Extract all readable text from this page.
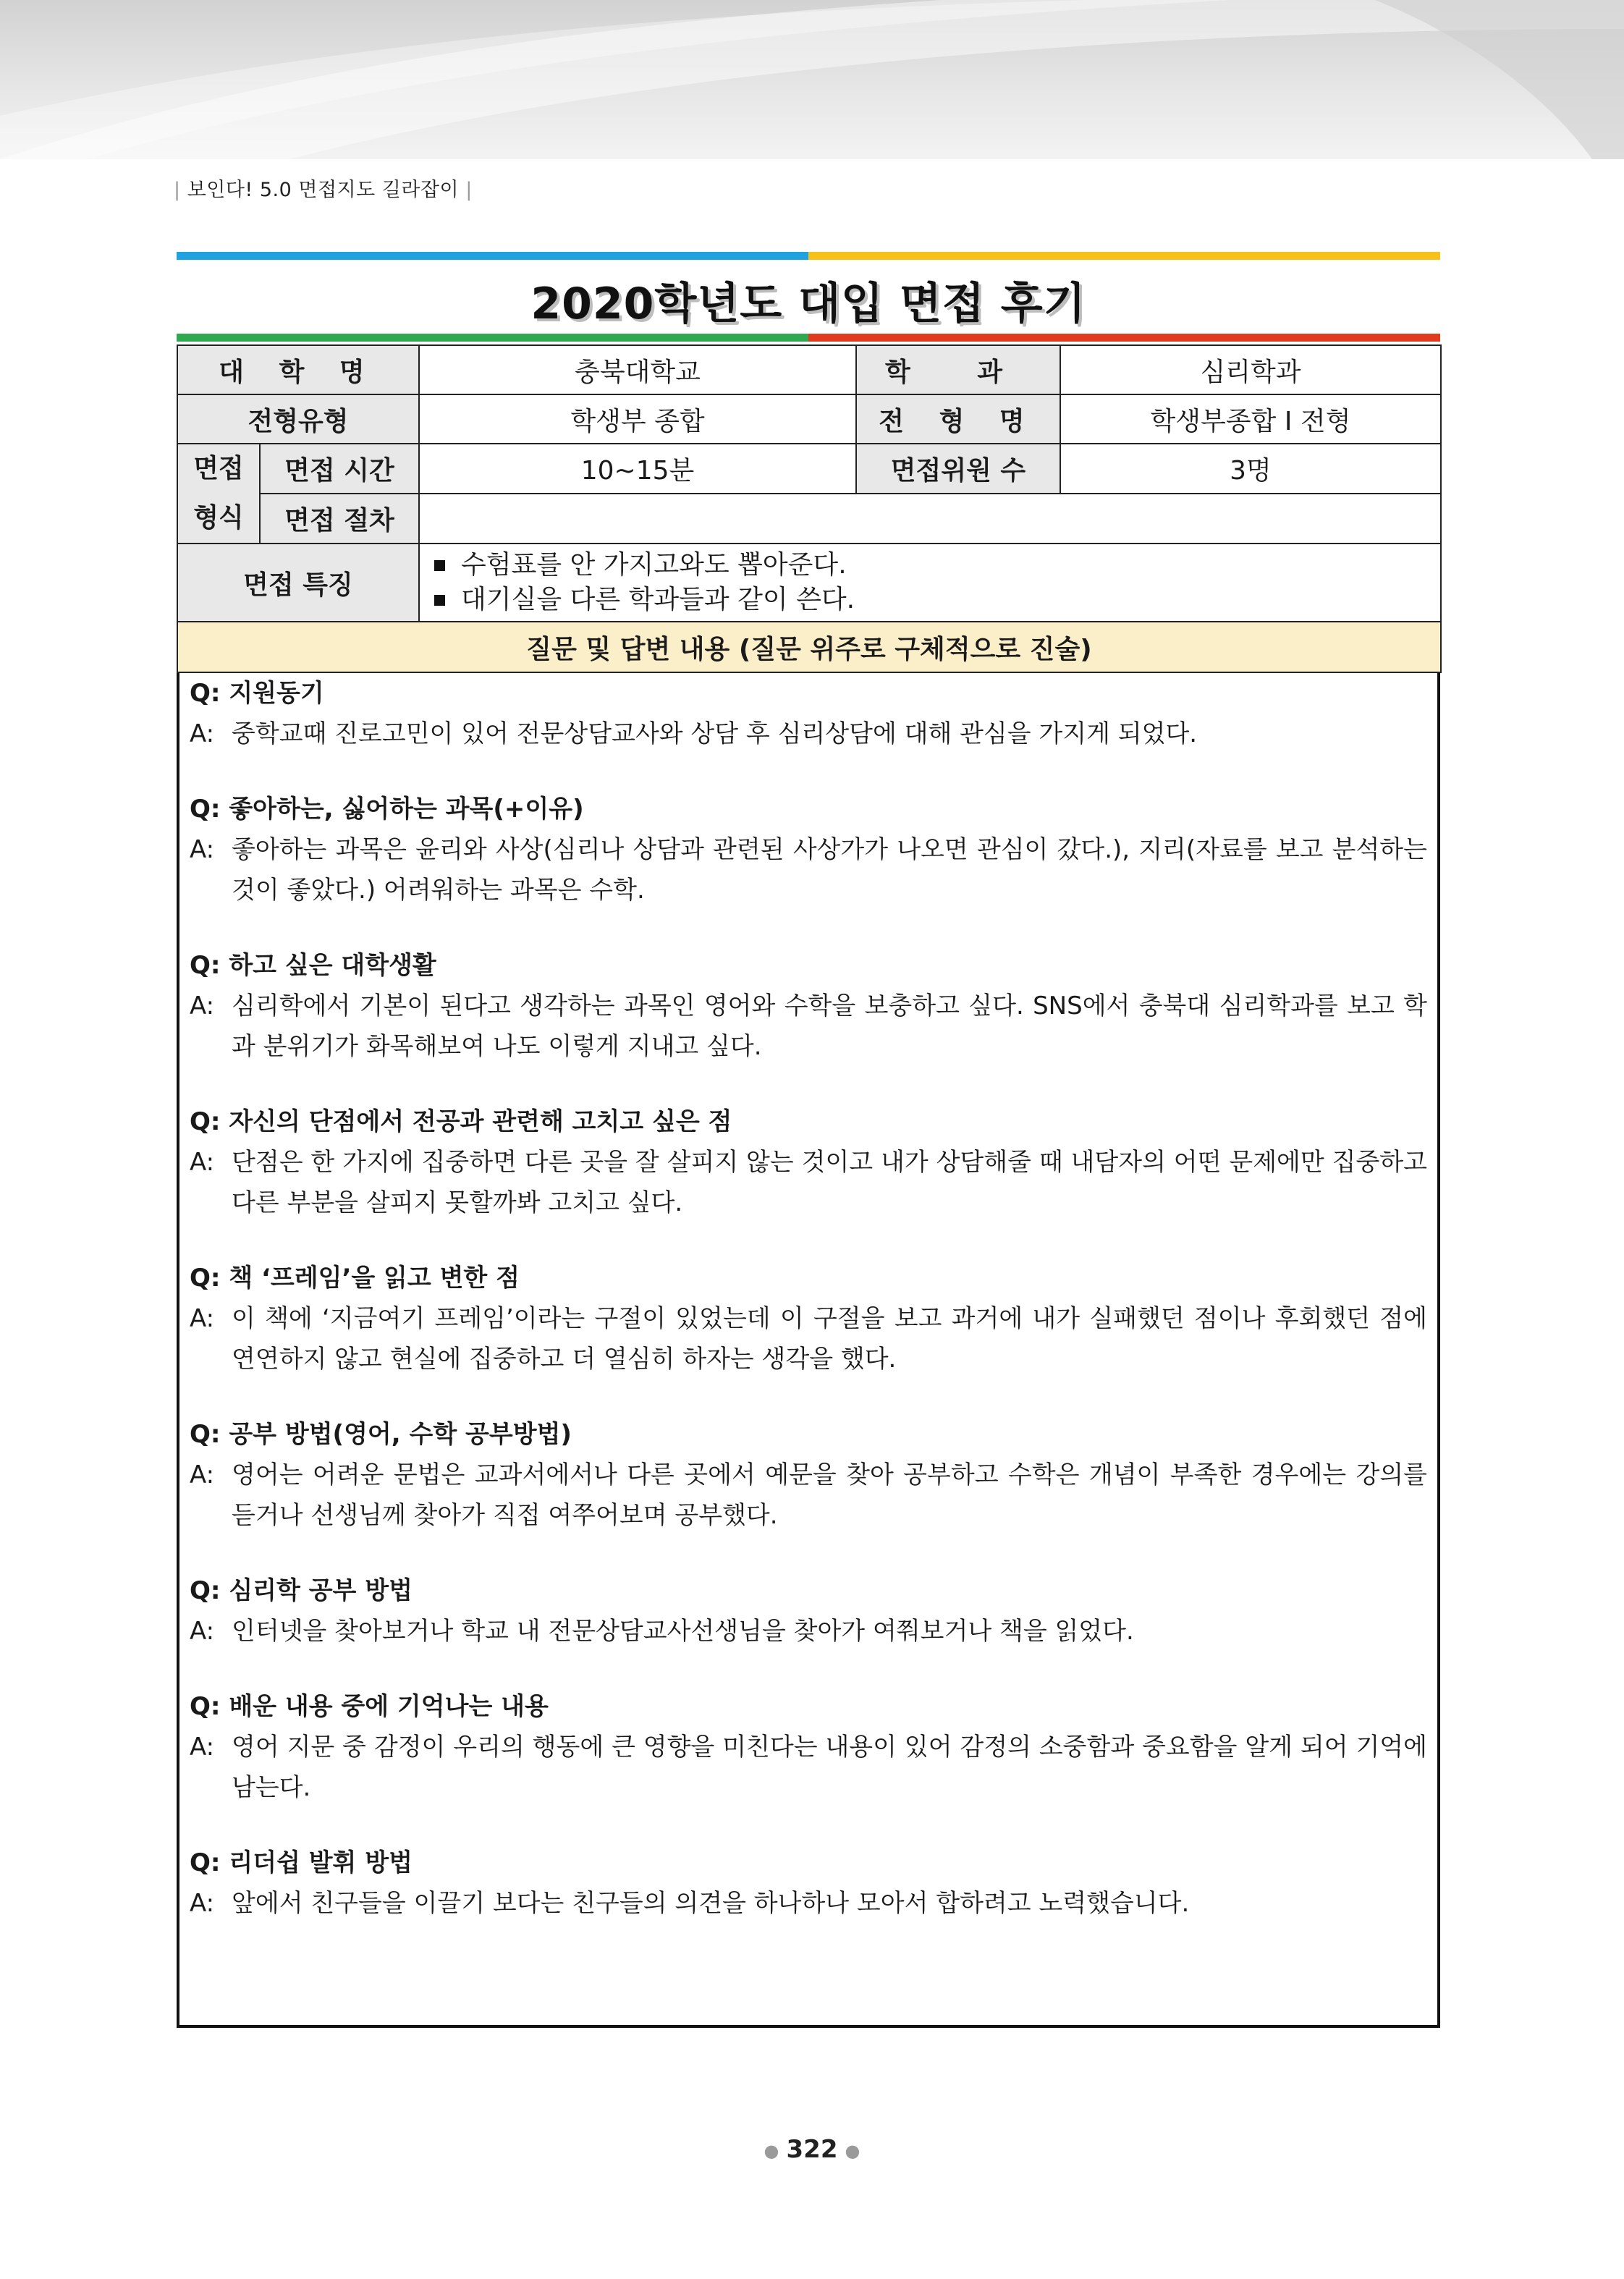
| 보인다! 5.0 면접지도 길라잡이 |
2020학년도 대입 면접 후기
대 학 명		충북대학교	학 과	심리학과
전형유형		학생부 종합	전 형 명	학생부종합 Ⅰ 전형

면접
형식	면접 시간	10~15분	면접위원 수	3명
	면접 절차			
면접 특징		수험표를 안 가지고와도 뽑아준다.
대기실을 다른 학과들과 같이 쓴다.		

질문 및 답변 내용 (질문 위주로 구체적으로 진술)				
Q: 지원동기
A: 중학교때 진로고민이 있어 전문상담교사와 상담 후 심리상담에 대해 관심을 가지게 되었다.
Q: 좋아하는, 싫어하는 과목(+이유)
A: 좋아하는 과목은 윤리와 사상(심리나 상담과 관련된 사상가가 나오면 관심이 갔다.), 지리(자료를 보고 분석하는 것이 좋았다.) 어려워하는 과목은 수학.
Q: 하고 싶은 대학생활
A: 심리학에서 기본이 된다고 생각하는 과목인 영어와 수학을 보충하고 싶다. SNS에서 충북대 심리학과를 보고 학과 분위기가 화목해보여 나도 이렇게 지내고 싶다.
Q: 자신의 단점에서 전공과 관련해 고치고 싶은 점
A: 단점은 한 가지에 집중하면 다른 곳을 잘 살피지 않는 것이고 내가 상담해줄 때 내담자의 어떤 문제에만 집중하고 다른 부분을 살피지 못할까봐 고치고 싶다.
Q: 책 ‘프레임’을 읽고 변한 점
A: 이 책에 ‘지금여기 프레임’이라는 구절이 있었는데 이 구절을 보고 과거에 내가 실패했던 점이나 후회했던 점에 연연하지 않고 현실에 집중하고 더 열심히 하자는 생각을 했다.
Q: 공부 방법(영어, 수학 공부방법)
A: 영어는 어려운 문법은 교과서에서나 다른 곳에서 예문을 찾아 공부하고 수학은 개념이 부족한 경우에는 강의를 듣거나 선생님께 찾아가 직접 여쭈어보며 공부했다.
Q: 심리학 공부 방법
A: 인터넷을 찾아보거나 학교 내 전문상담교사선생님을 찾아가 여쭤보거나 책을 읽었다.
Q: 배운 내용 중에 기억나는 내용
A: 영어 지문 중 감정이 우리의 행동에 큰 영향을 미친다는 내용이 있어 감정의 소중함과 중요함을 알게 되어 기억에 남는다.
Q: 리더쉽 발휘 방법
A: 앞에서 친구들을 이끌기 보다는 친구들의 의견을 하나하나 모아서 합하려고 노력했습니다.
● 322 ●
